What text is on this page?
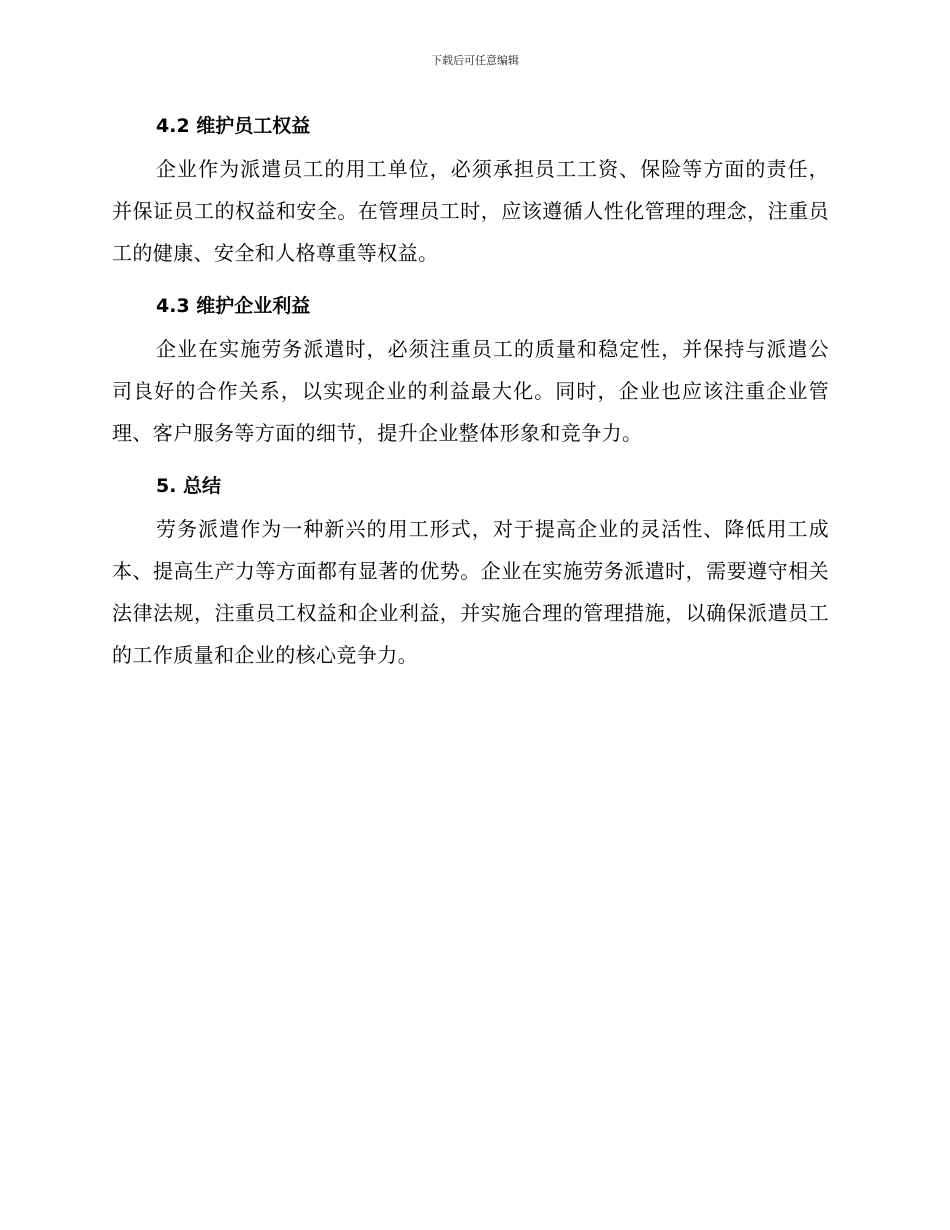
下载后可任意编辑
4.2 维护员工权益

企业作为派遣员工的用工单位，必须承担员工工资、保险等方面的责任，并保证员工的权益和安全。在管理员工时，应该遵循人性化管理的理念，注重员工的健康、安全和人格尊重等权益。

4.3 维护企业利益

企业在实施劳务派遣时，必须注重员工的质量和稳定性，并保持与派遣公司良好的合作关系，以实现企业的利益最大化。同时，企业也应该注重企业管理、客户服务等方面的细节，提升企业整体形象和竞争力。

5. 总结

劳务派遣作为一种新兴的用工形式，对于提高企业的灵活性、降低用工成本、提高生产力等方面都有显著的优势。企业在实施劳务派遣时，需要遵守相关法律法规，注重员工权益和企业利益，并实施合理的管理措施，以确保派遣员工的工作质量和企业的核心竞争力。
